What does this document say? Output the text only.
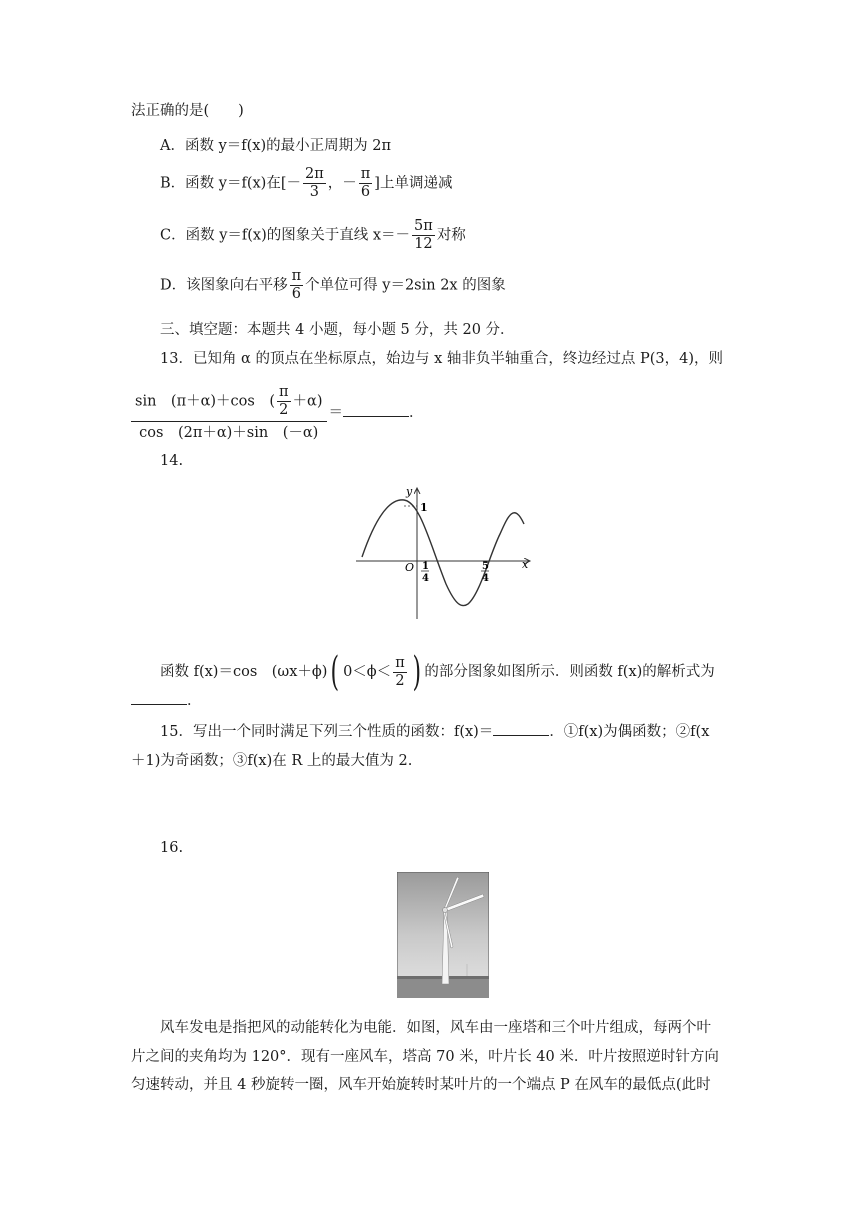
法正确的是(　　)
A．函数 y＝f(x)的最小正周期为 2π
B．函数 y＝f(x)在[－ $\frac{2\pi}{3}$ ，－ $\frac{\pi}{6}$ ]上单调递减
C．函数 y＝f(x)的图象关于直线 $x=- \frac{5\pi}{12}$ 对称
D．该图象向右平移 $\frac{\pi}{6}$ 个单位可得 y＝2sin 2x 的图象
三、填空题：本题共 4 小题，每小题 5 分，共 20 分．
13．已知角 α 的顶点在坐标原点，始边与 x 轴非负半轴重合，终边经过点 P(3，4)，则
$\frac{\sin (\pi+\alpha)+\cos ( \frac{\pi}{2} +\alpha)}{\cos (2\pi+\alpha)+\sin (-\alpha)}$ ＝	．
14.
y
x
O
1
1
4
5
4
函数 f(x)＝cos　(ωx＋ϕ)( $0<\phi< \frac{\pi}{2}$ ) 的部分图象如图所示．则函数 f(x)的解析式为
．
15．写出一个同时满足下列三个性质的函数：f(x)＝	．①f(x)为偶函数；②f(x
＋1)为奇函数；③f(x)在 R 上的最大值为 2.
16.
风车发电是指把风的动能转化为电能．如图，风车由一座塔和三个叶片组成，每两个叶
片之间的夹角均为 120°．现有一座风车，塔高 70 米，叶片长 40 米．叶片按照逆时针方向
匀速转动，并且 4 秒旋转一圈，风车开始旋转时某叶片的一个端点 P 在风车的最低点(此时
